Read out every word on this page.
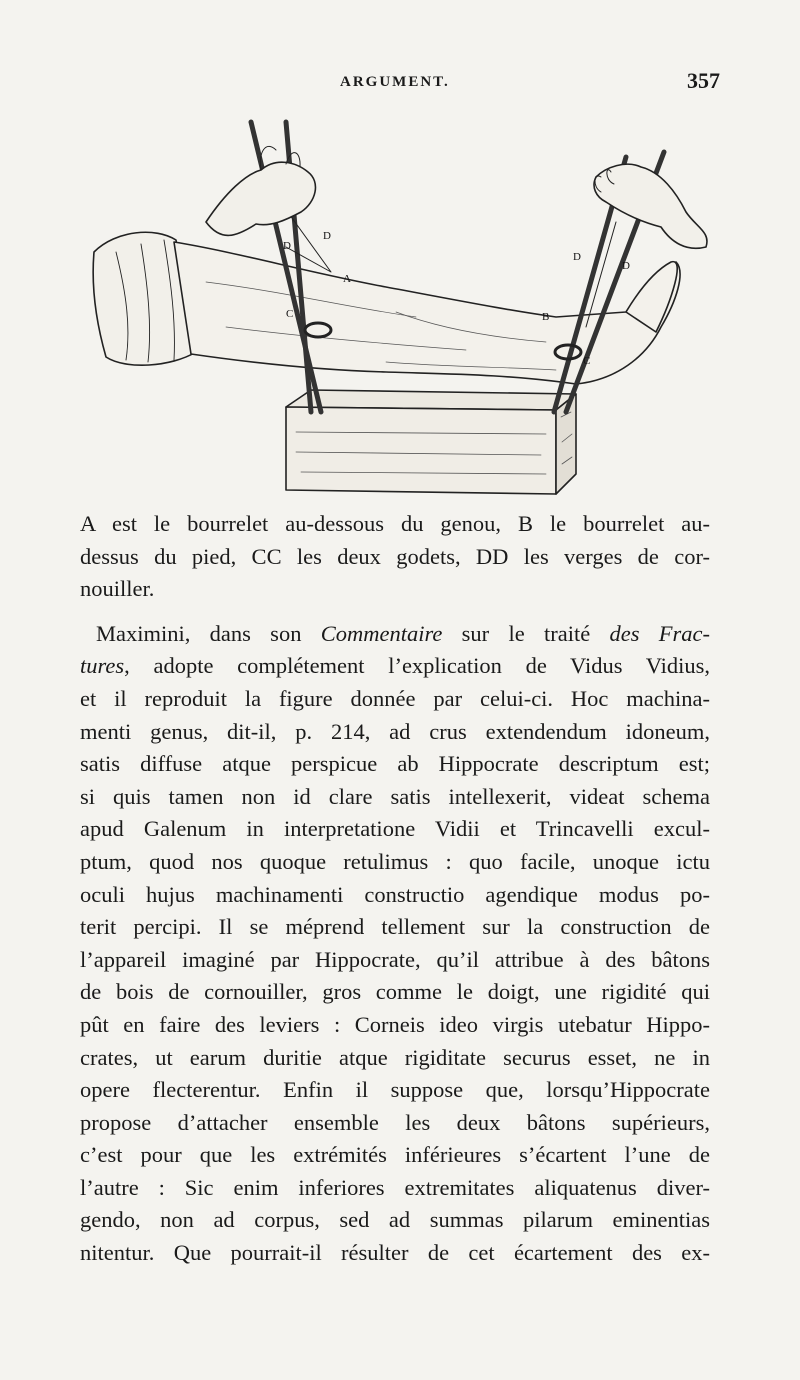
ARGUMENT.	357
D
D
A
C	B
D
D
C
A est le bourrelet au-dessous du genou, B le bourrelet au-
dessus du pied, CC les deux godets, DD les verges de cor-
nouiller.
Maximini, dans son Commentaire sur le traité des Frac-
tures, adopte complétement l’explication de Vidus Vidius,
et il reproduit la figure donnée par celui-ci. Hoc machina-
menti genus, dit-il, p. 214, ad crus extendendum idoneum,
satis diffuse atque perspicue ab Hippocrate descriptum est;
si quis tamen non id clare satis intellexerit, videat schema
apud Galenum in interpretatione Vidii et Trincavelli excul-
ptum, quod nos quoque retulimus : quo facile, unoque ictu
oculi hujus machinamenti constructio agendique modus po-
terit percipi. Il se méprend tellement sur la construction de
l’appareil imaginé par Hippocrate, qu’il attribue à des bâtons
de bois de cornouiller, gros comme le doigt, une rigidité qui
pût en faire des leviers : Corneis ideo virgis utebatur Hippo-
crates, ut earum duritie atque rigiditate securus esset, ne in
opere flecterentur. Enfin il suppose que, lorsqu’Hippocrate
propose d’attacher ensemble les deux bâtons supérieurs,
c’est pour que les extrémités inférieures s’écartent l’une de
l’autre : Sic enim inferiores extremitates aliquatenus diver-
gendo, non ad corpus, sed ad summas pilarum eminentias
nitentur. Que pourrait-il résulter de cet écartement des ex-
